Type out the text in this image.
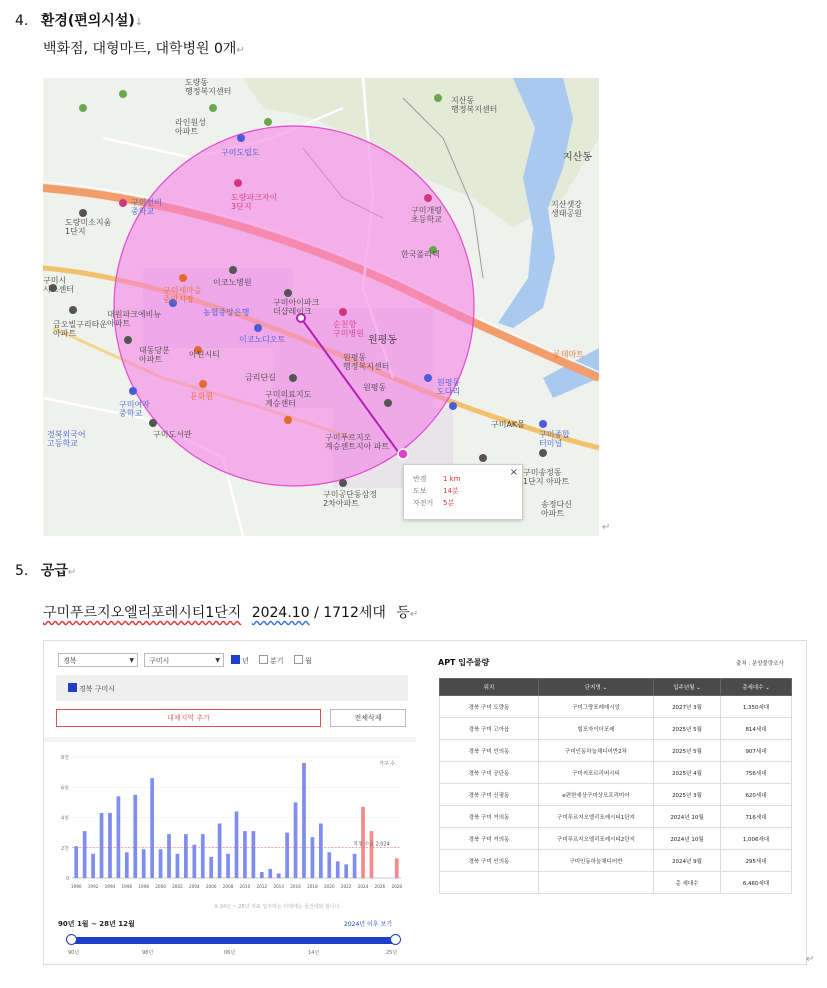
4. 환경(편의시설)↓
백화점, 대형마트, 대학병원 0개↵
도량동
행정복지센터
지산동
행정복지센터
라인원성
아파트
구미도립도	지산동
도량파크자이
3단지
구미선비
중학교	구미개령
초등학교
도량미소지움
1단지
지산샛강
생태공원
한국폴리텍
구미시
시스센터	구미세마을
중앙시장
이코노병원
구미아이파크
더샵레이크
금오빌구리타운
아파트
대원파크에비뉴
아파트
농협중앙은행
순천향
구미병원
원평동
롯데마트
대동당분
아파트
아틴시티
이코노디오토
원평동
행정복지센터
금리단길
구미의료지도
계승센터
원평동
도다리
구미AK몰
구미여자
중학교
문화원
원평동
구미도서관
경북외국어
고등학교
구미푸르지오
계승센트지아 파트
구미종합
터미널
구미송정동
1단지 아파트
구미공단동삼정
2차아파트	송정다신
아파트
×
반경 1 km
도보 14분
자전거 5분
↵
5. 공급↵
구미푸르지오엘리포레시티1단지 2024.10 / 1712세대 등↵
경북	▼	구미시	▼	년	분기	월
경북 구미시
대체지역 추가	전체삭제
0
2천
4천
6천
8천
적정 수요 2,024
가구 수
1990 1992 1994 1996 1998 2000 2002 2004 2006 2008 2010 2012 2014 2016 2018 2020 2022 2024 2026 2028
※ 24년 ~ 28년 자료 입주하는 미래에는 물건에와 합니다.
90년 1월 ~ 28년 12월	2024년 이후 보기
90년	98년	06년	14년	25년
APT 입주물량	출처 : 분양물량조사
위치	단지명 ⌄	입주년월 ⌄	총세대수 ⌄
경북 구미 도량동	구미그랑포레데시앙	2027년 3월	1,350세대
경북 구미 고아읍	힐포자이더포레	2025년 5월	814세대
경북 구미 인의동	구미인동하늘채디어반2차	2025년 5월	907세대
경북 구미 공단동	구미씨포르리버시티	2025년 4월	756세대
경북 구미 신평동	e편한세상구미상모프리미어	2025년 3월	620세대
경북 구미 거의동	구미푸르지오엘리포레시티1단지	2024년 10월	716세대
경북 구미 거의동	구미푸르지오엘리포레시티2단지	2024년 10월	1,006세대
경북 구미 인의동	구미인동하늘채디어반	2024년 9월	295세대
		총 세대수	6,460세대
↵
